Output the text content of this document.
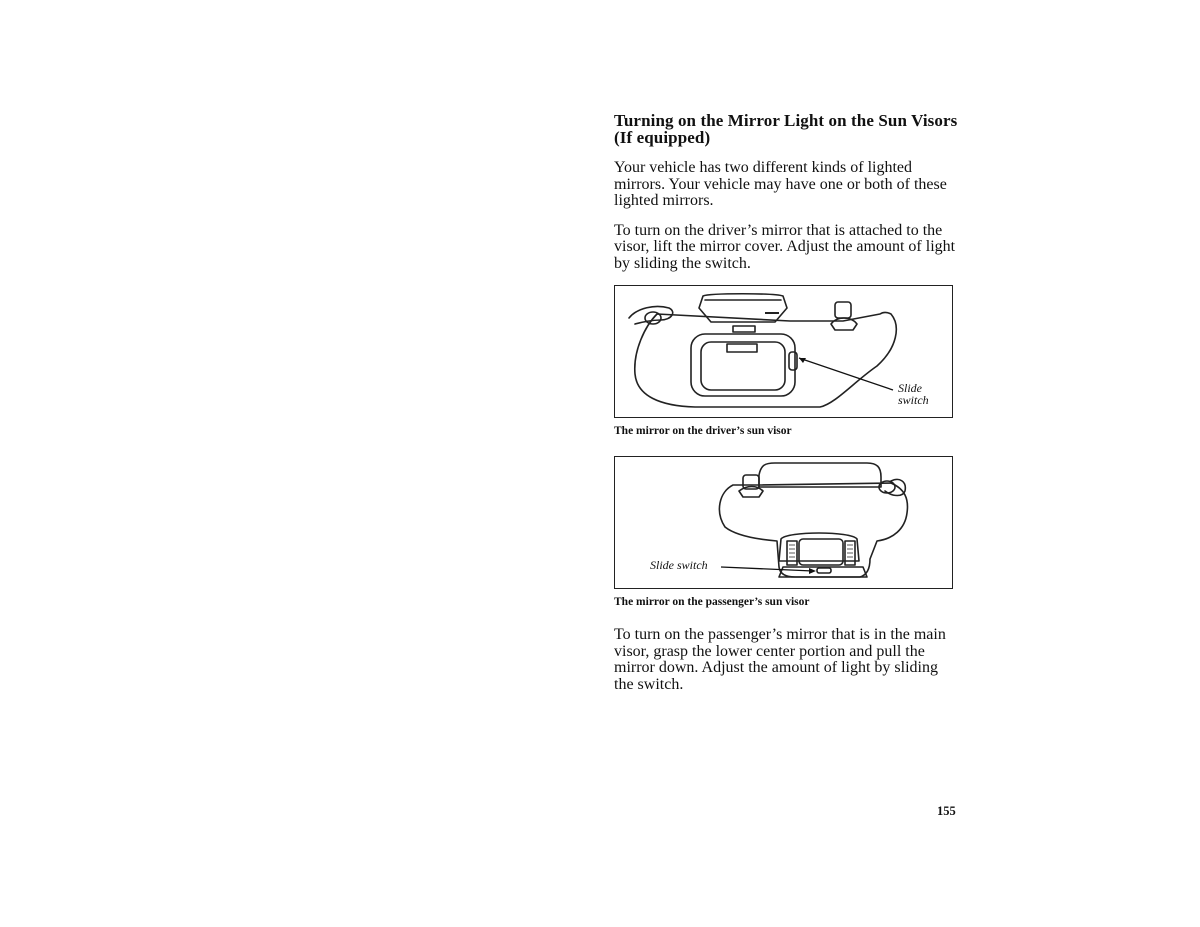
Turning on the Mirror Light on the Sun Visors (If equipped)

Your vehicle has two different kinds of lighted mirrors. Your vehicle may have one or both of these lighted mirrors.

To turn on the driver’s mirror that is attached to the visor, lift the mirror cover. Adjust the amount of light by sliding the switch.

Slide
switch
The mirror on the driver’s sun visor
Slide switch
The mirror on the passenger’s sun visor

To turn on the passenger’s mirror that is in the main visor, grasp the lower center portion and pull the mirror down. Adjust the amount of light by sliding the switch.

155
